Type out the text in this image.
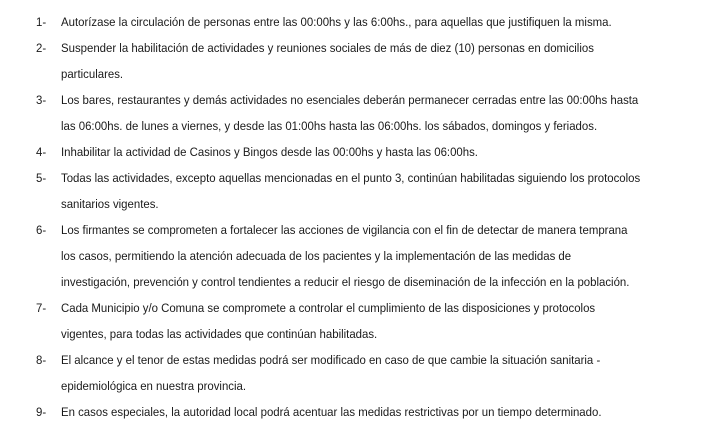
1- Autorízase la circulación de personas entre las 00:00hs y las 6:00hs., para aquellas que justifiquen la misma.
2- Suspender la habilitación de actividades y reuniones sociales de más de diez (10) personas en domicilios
particulares.
3- Los bares, restaurantes y demás actividades no esenciales deberán permanecer cerradas entre las 00:00hs hasta
las 06:00hs. de lunes a viernes, y desde las 01:00hs hasta las 06:00hs. los sábados, domingos y feriados.
4- Inhabilitar la actividad de Casinos y Bingos desde las 00:00hs y hasta las 06:00hs.
5- Todas las actividades, excepto aquellas mencionadas en el punto 3, continúan habilitadas siguiendo los protocolos
sanitarios vigentes.
6- Los firmantes se comprometen a fortalecer las acciones de vigilancia con el fin de detectar de manera temprana
los casos, permitiendo la atención adecuada de los pacientes y la implementación de las medidas de
investigación, prevención y control tendientes a reducir el riesgo de diseminación de la infección en la población.
7- Cada Municipio y/o Comuna se compromete a controlar el cumplimiento de las disposiciones y protocolos
vigentes, para todas las actividades que continúan habilitadas.
8- El alcance y el tenor de estas medidas podrá ser modificado en caso de que cambie la situación sanitaria -
epidemiológica en nuestra provincia.
9- En casos especiales, la autoridad local podrá acentuar las medidas restrictivas por un tiempo determinado.
